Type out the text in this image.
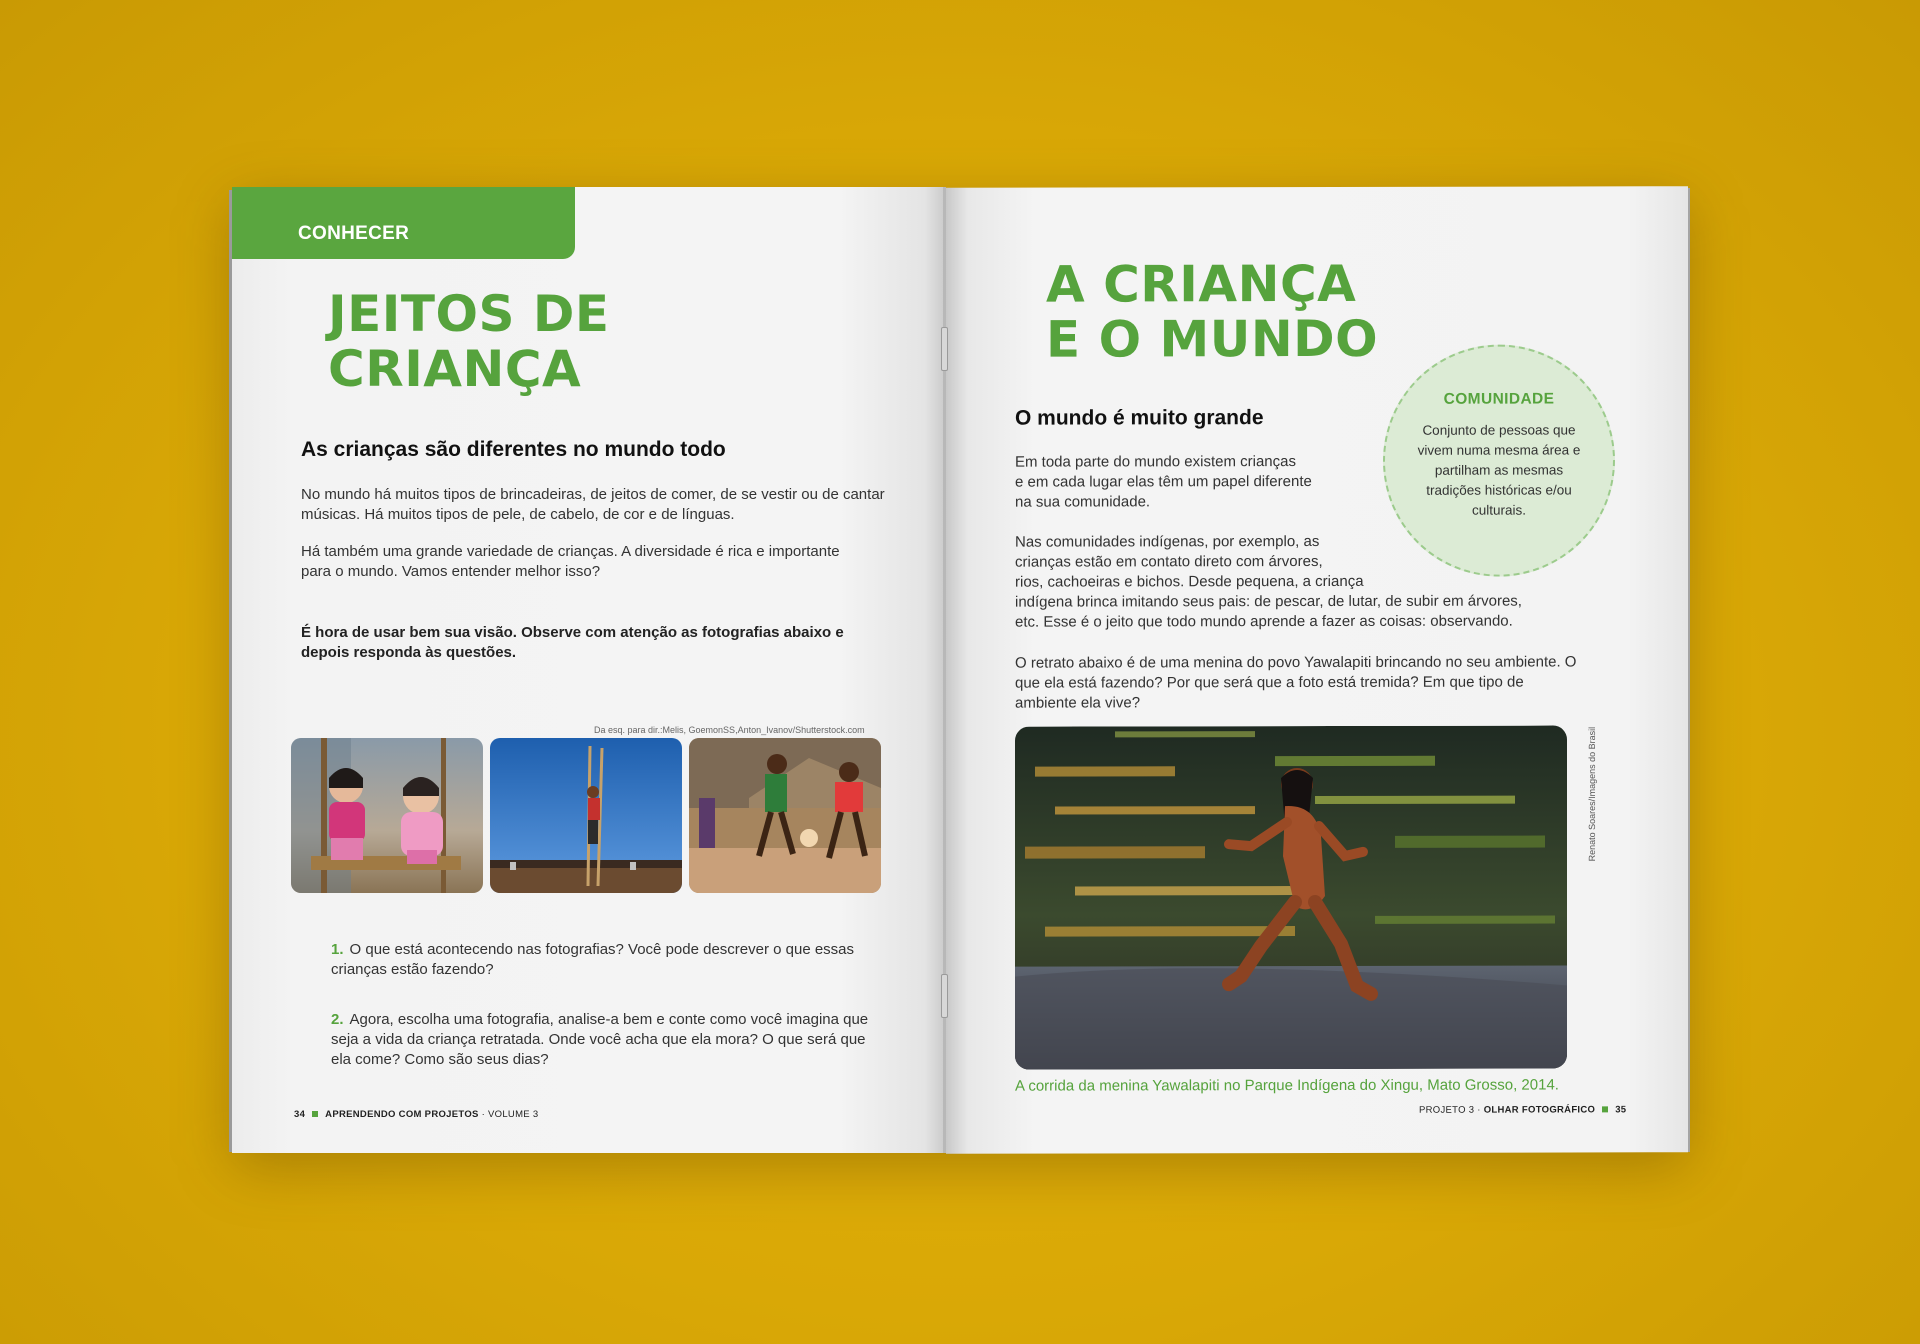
CONHECER
JEITOS DE
CRIANÇA
As crianças são diferentes no mundo todo

No mundo há muitos tipos de brincadeiras, de jeitos de comer, de se vestir ou de cantar músicas. Há muitos tipos de pele, de cabelo, de cor e de línguas.

Há também uma grande variedade de crianças. A diversidade é rica e importante para o mundo. Vamos entender melhor isso?

É hora de usar bem sua visão. Observe com atenção as fotografias abaixo e depois responda às questões.

Da esq. para dir.:Melis, GoemonSS,Anton_Ivanov/Shutterstock.com
1. O que está acontecendo nas fotografias? Você pode descrever o que essas crianças estão fazendo?
2. Agora, escolha uma fotografia, analise-a bem e conte como você imagina que seja a vida da criança retratada. Onde você acha que ela mora? O que será que ela come? Como são seus dias?
34 APRENDENDO COM PROJETOS · VOLUME 3
A CRIANÇA
E O MUNDO
O mundo é muito grande
Em toda parte do mundo existem crianças
e em cada lugar elas têm um papel diferente
na sua comunidade.
Nas comunidades indígenas, por exemplo, as
crianças estão em contato direto com árvores,
rios, cachoeiras e bichos. Desde pequena, a criança
indígena brinca imitando seus pais: de pescar, de lutar, de subir em árvores,
etc. Esse é o jeito que todo mundo aprende a fazer as coisas: observando.

O retrato abaixo é de uma menina do povo Yawalapiti brincando no seu ambiente. O que ela está fazendo? Por que será que a foto está tremida? Em que tipo de ambiente ela vive?

COMUNIDADE
Conjunto de pessoas que vivem numa mesma área e partilham as mesmas tradições históricas e/ou culturais.
Renato Soares/Imagens do Brasil
A corrida da menina Yawalapiti no Parque Indígena do Xingu, Mato Grosso, 2014.
PROJETO 3 · OLHAR FOTOGRÁFICO 35
